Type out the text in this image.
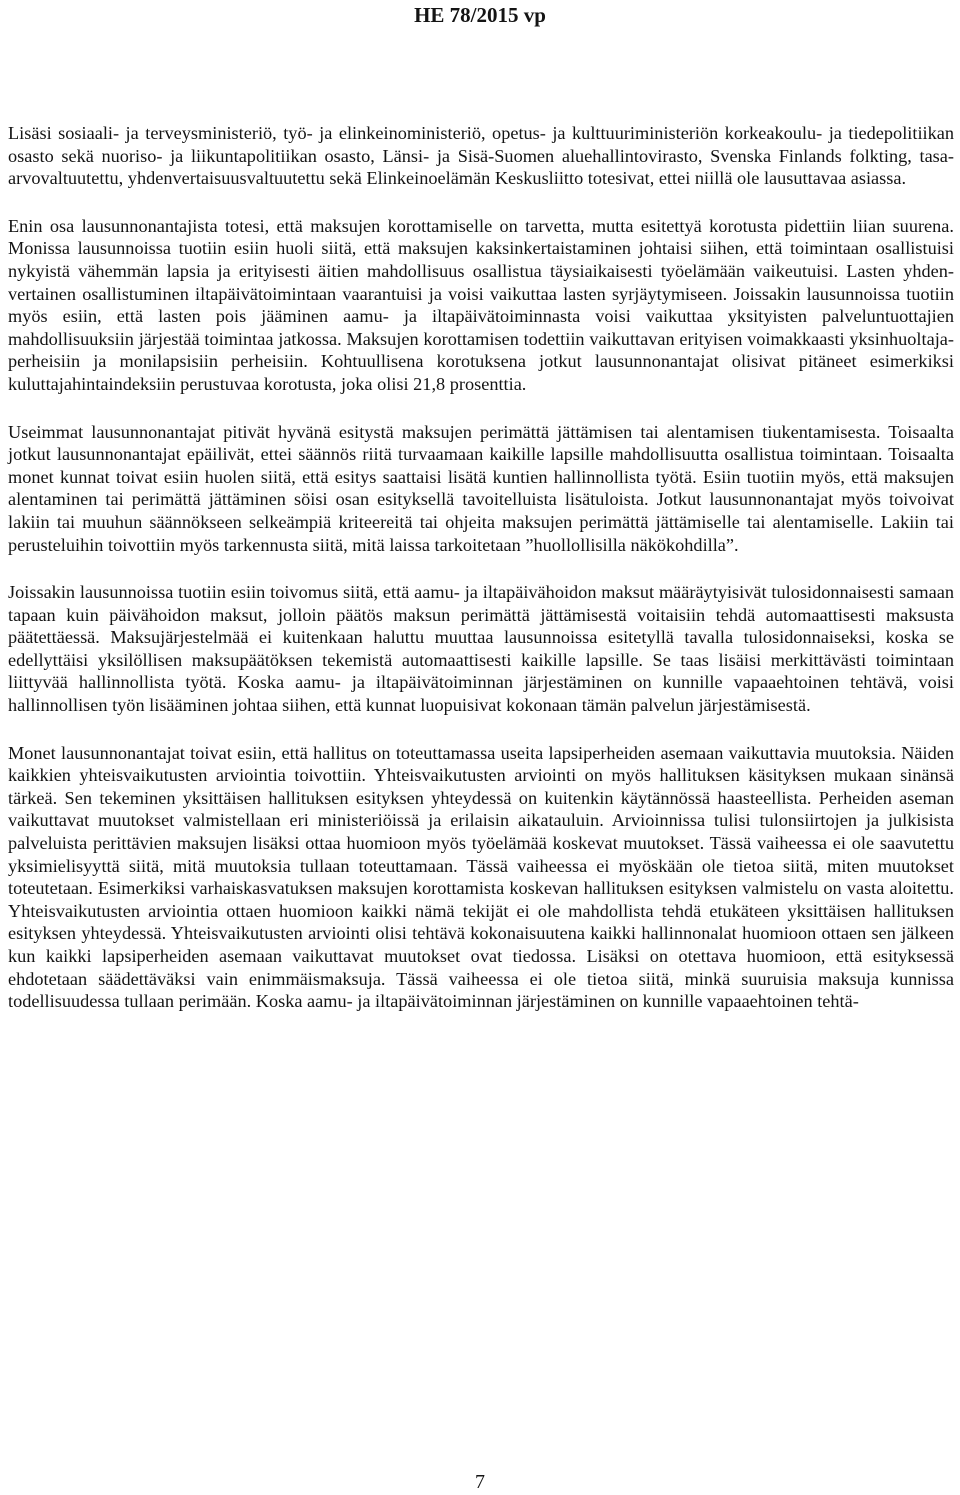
HE 78/2015 vp

Lisäsi sosiaali- ja terveysministeriö, työ- ja elinkeinoministeriö, opetus- ja kulttuuriministeriön korkeakoulu- ja tiedepolitiikan osasto sekä nuoriso- ja liikuntapolitiikan osasto, Länsi- ja Sisä-Suomen aluehallintovirasto, Svenska Finlands folkting, tasa-arvovaltuutettu, yhdenvertaisuusvaltuutettu sekä Elinkeinoelämän Keskusliitto totesivat, ettei niillä ole lausuttavaa asiassa.

Enin osa lausunnonantajista totesi, että maksujen korottamiselle on tarvetta, mutta esitettyä korotusta pidettiin liian suurena. Monissa lausunnoissa tuotiin esiin huoli siitä, että maksujen kaksinkertaistaminen johtaisi siihen, että toimintaan osallistuisi nykyistä vähemmän lapsia ja erityisesti äitien mahdollisuus osallistua täysiaikaisesti työelämään vaikeutuisi. Lasten yhdenvertainen osallistuminen iltapäivätoimintaan vaarantuisi ja voisi vaikuttaa lasten syrjäytymiseen. Joissakin lausunnoissa tuotiin myös esiin, että lasten pois jääminen aamu- ja iltapäivätoiminnasta voisi vaikuttaa yksityisten palveluntuottajien mahdollisuuksiin järjestää toimintaa jatkossa. Maksujen korottamisen todettiin vaikuttavan erityisen voimakkaasti yksinhuoltajaperheisiin ja monilapsisiin perheisiin. Kohtuullisena korotuksena jotkut lausunnonantajat olisivat pitäneet esimerkiksi kuluttajahintaindeksiin perustuvaa korotusta, joka olisi 21,8 prosenttia.

Useimmat lausunnonantajat pitivät hyvänä esitystä maksujen perimättä jättämisen tai alentamisen tiukentamisesta. Toisaalta jotkut lausunnonantajat epäilivät, ettei säännös riitä turvaamaan kaikille lapsille mahdollisuutta osallistua toimintaan. Toisaalta monet kunnat toivat esiin huolen siitä, että esitys saattaisi lisätä kuntien hallinnollista työtä. Esiin tuotiin myös, että maksujen alentaminen tai perimättä jättäminen söisi osan esityksellä tavoitelluista lisätuloista. Jotkut lausunnonantajat myös toivoivat lakiin tai muuhun säännökseen selkeämpiä kriteereitä tai ohjeita maksujen perimättä jättämiselle tai alentamiselle. Lakiin tai perusteluihin toivottiin myös tarkennusta siitä, mitä laissa tarkoitetaan ”huollollisilla näkökohdilla”.

Joissakin lausunnoissa tuotiin esiin toivomus siitä, että aamu- ja iltapäivähoidon maksut määräytyisivät tulosidonnaisesti samaan tapaan kuin päivähoidon maksut, jolloin päätös maksun perimättä jättämisestä voitaisiin tehdä automaattisesti maksusta päätettäessä. Maksujärjestelmää ei kuitenkaan haluttu muuttaa lausunnoissa esitetyllä tavalla tulosidonnaiseksi, koska se edellyttäisi yksilöllisen maksupäätöksen tekemistä automaattisesti kaikille lapsille. Se taas lisäisi merkittävästi toimintaan liittyvää hallinnollista työtä. Koska aamu- ja iltapäivätoiminnan järjestäminen on kunnille vapaaehtoinen tehtävä, voisi hallinnollisen työn lisääminen johtaa siihen, että kunnat luopuisivat kokonaan tämän palvelun järjestämisestä.

Monet lausunnonantajat toivat esiin, että hallitus on toteuttamassa useita lapsiperheiden asemaan vaikuttavia muutoksia. Näiden kaikkien yhteisvaikutusten arviointia toivottiin. Yhteisvaikutusten arviointi on myös hallituksen käsityksen mukaan sinänsä tärkeä. Sen tekeminen yksittäisen hallituksen esityksen yhteydessä on kuitenkin käytännössä haasteellista. Perheiden aseman vaikuttavat muutokset valmistellaan eri ministeriöissä ja erilaisin aikatauluin. Arvioinnissa tulisi tulonsiirtojen ja julkisista palveluista perittävien maksujen lisäksi ottaa huomioon myös työelämää koskevat muutokset. Tässä vaiheessa ei ole saavutettu yksimielisyyttä siitä, mitä muutoksia tullaan toteuttamaan. Tässä vaiheessa ei myöskään ole tietoa siitä, miten muutokset toteutetaan. Esimerkiksi varhaiskasvatuksen maksujen korottamista koskevan hallituksen esityksen valmistelu on vasta aloitettu. Yhteisvaikutusten arviointia ottaen huomioon kaikki nämä tekijät ei ole mahdollista tehdä etukäteen yksittäisen hallituksen esityksen yhteydessä. Yhteisvaikutusten arviointi olisi tehtävä kokonaisuutena kaikki hallinnonalat huomioon ottaen sen jälkeen kun kaikki lapsiperheiden asemaan vaikuttavat muutokset ovat tiedossa. Lisäksi on otettava huomioon, että esityksessä ehdotetaan säädettäväksi vain enimmäismaksuja. Tässä vaiheessa ei ole tietoa siitä, minkä suuruisia maksuja kunnissa todellisuudessa tullaan perimään. Koska aamu- ja iltapäivätoiminnan järjestäminen on kunnille vapaaehtoinen tehtä-

7
